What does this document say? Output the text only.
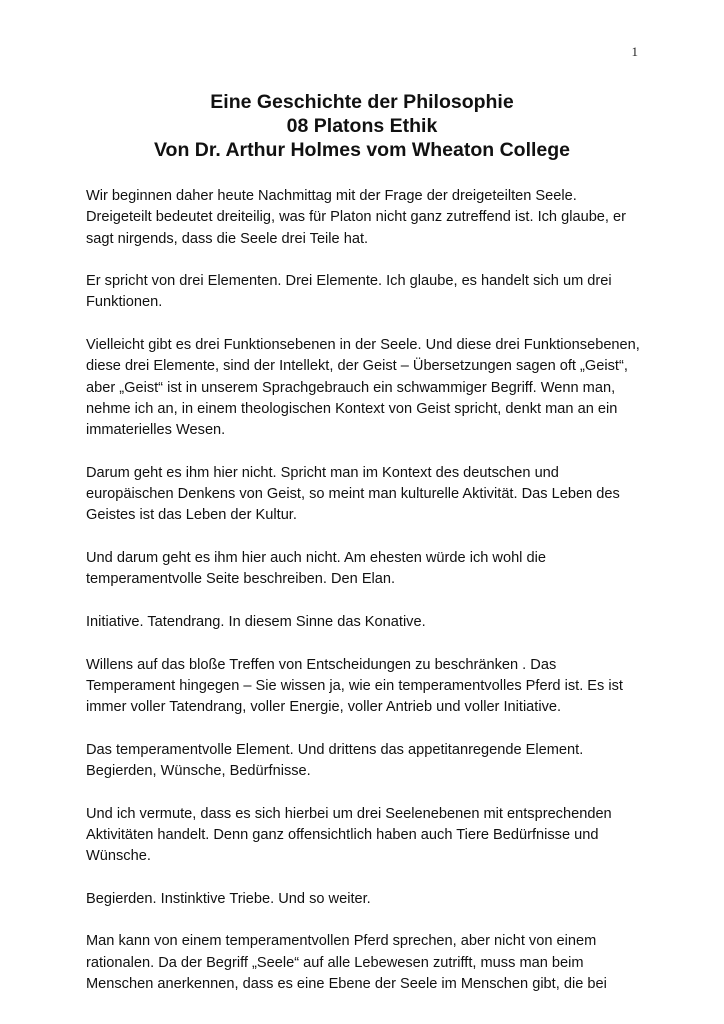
1
Eine Geschichte der Philosophie
08 Platons Ethik
Von Dr. Arthur Holmes vom Wheaton College

Wir beginnen daher heute Nachmittag mit der Frage der dreigeteilten Seele. Dreigeteilt bedeutet dreiteilig, was für Platon nicht ganz zutreffend ist. Ich glaube, er sagt nirgends, dass die Seele drei Teile hat.

Er spricht von drei Elementen. Drei Elemente. Ich glaube, es handelt sich um drei Funktionen.

Vielleicht gibt es drei Funktionsebenen in der Seele. Und diese drei Funktionsebenen, diese drei Elemente, sind der Intellekt, der Geist – Übersetzungen sagen oft „Geist“, aber „Geist“ ist in unserem Sprachgebrauch ein schwammiger Begriff. Wenn man, nehme ich an, in einem theologischen Kontext von Geist spricht, denkt man an ein immaterielles Wesen.

Darum geht es ihm hier nicht. Spricht man im Kontext des deutschen und europäischen Denkens von Geist, so meint man kulturelle Aktivität. Das Leben des Geistes ist das Leben der Kultur.

Und darum geht es ihm hier auch nicht. Am ehesten würde ich wohl die temperamentvolle Seite beschreiben. Den Elan.

Initiative. Tatendrang. In diesem Sinne das Konative.

Willens auf das bloße Treffen von Entscheidungen zu beschränken . Das Temperament hingegen – Sie wissen ja, wie ein temperamentvolles Pferd ist. Es ist immer voller Tatendrang, voller Energie, voller Antrieb und voller Initiative.

Das temperamentvolle Element. Und drittens das appetitanregende Element. Begierden, Wünsche, Bedürfnisse.

Und ich vermute, dass es sich hierbei um drei Seelenebenen mit entsprechenden Aktivitäten handelt. Denn ganz offensichtlich haben auch Tiere Bedürfnisse und Wünsche.

Begierden. Instinktive Triebe. Und so weiter.

Man kann von einem temperamentvollen Pferd sprechen, aber nicht von einem rationalen. Da der Begriff „Seele“ auf alle Lebewesen zutrifft, muss man beim Menschen anerkennen, dass es eine Ebene der Seele im Menschen gibt, die bei
